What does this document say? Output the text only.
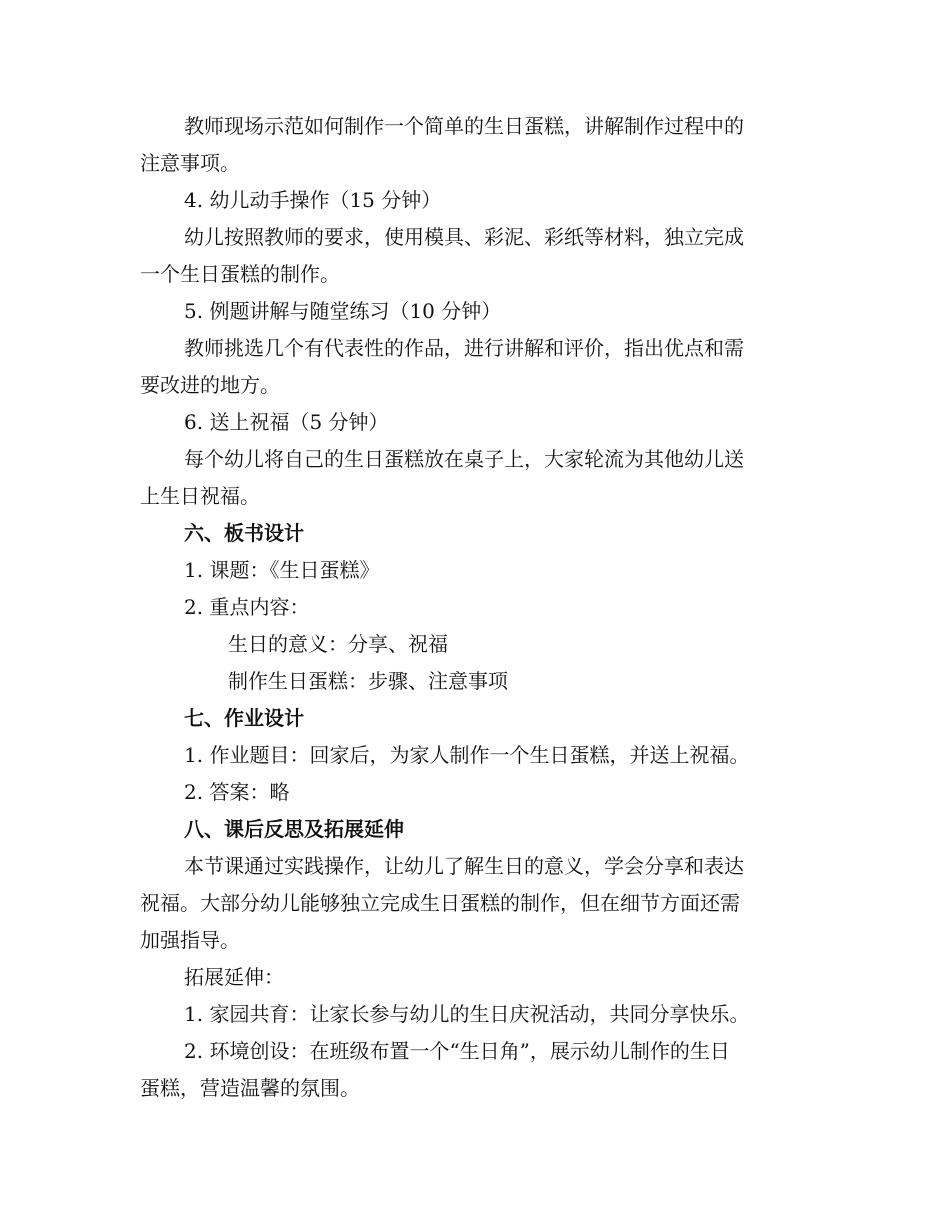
教师现场示范如何制作一个简单的生日蛋糕，讲解制作过程中的

注意事项。

4. 幼儿动手操作（15 分钟）

幼儿按照教师的要求，使用模具、彩泥、彩纸等材料，独立完成

一个生日蛋糕的制作。

5. 例题讲解与随堂练习（10 分钟）

教师挑选几个有代表性的作品，进行讲解和评价，指出优点和需

要改进的地方。

6. 送上祝福（5 分钟）

每个幼儿将自己的生日蛋糕放在桌子上，大家轮流为其他幼儿送

上生日祝福。

六、板书设计

1. 课题：《生日蛋糕》

2. 重点内容：

生日的意义：分享、祝福

制作生日蛋糕：步骤、注意事项

七、作业设计

1. 作业题目：回家后，为家人制作一个生日蛋糕，并送上祝福。

2. 答案：略

八、课后反思及拓展延伸

本节课通过实践操作，让幼儿了解生日的意义，学会分享和表达

祝福。大部分幼儿能够独立完成生日蛋糕的制作，但在细节方面还需

加强指导。

拓展延伸：

1. 家园共育：让家长参与幼儿的生日庆祝活动，共同分享快乐。

2. 环境创设：在班级布置一个“生日角”，展示幼儿制作的生日

蛋糕，营造温馨的氛围。
